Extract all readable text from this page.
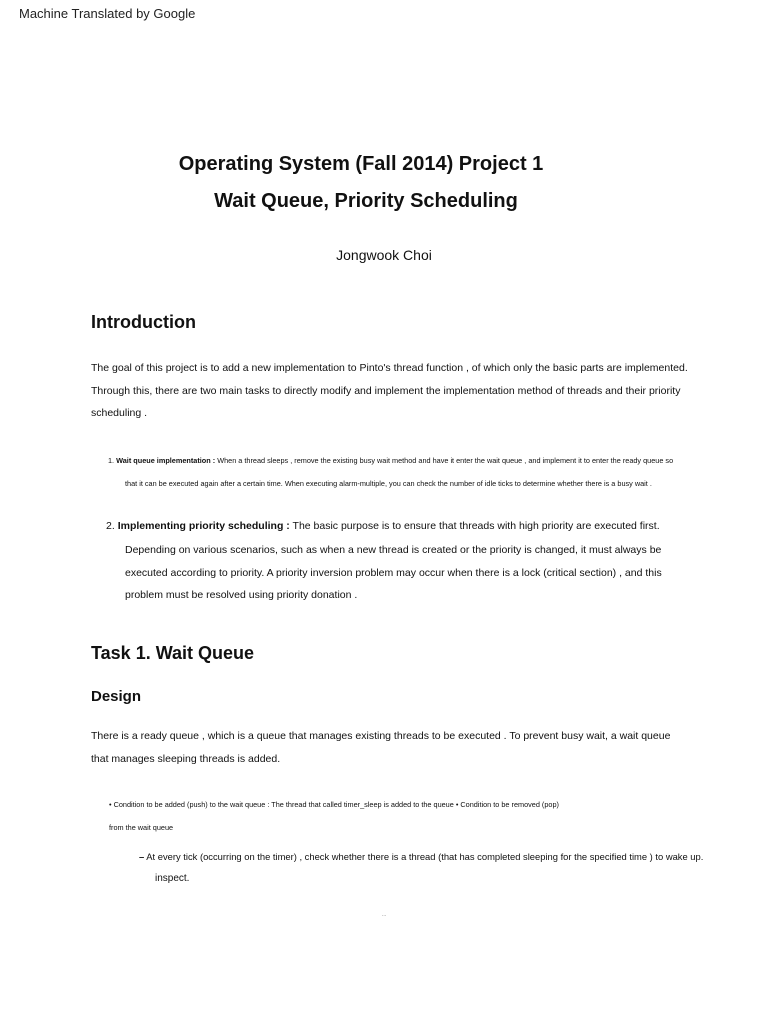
Machine Translated by Google
Operating System (Fall 2014) Project 1
Wait Queue, Priority Scheduling
Jongwook Choi
Introduction
The goal of this project is to add a new implementation to Pinto's thread function , of which only the basic parts are implemented.
Through this, there are two main tasks to directly modify and implement the implementation method of threads and their priority
scheduling .
1. Wait queue implementation : When a thread sleeps , remove the existing busy wait method and have it enter the wait queue , and implement it to enter the ready queue so
that it can be executed again after a certain time. When executing alarm-multiple, you can check the number of idle ticks to determine whether there is a busy wait .
2. Implementing priority scheduling : The basic purpose is to ensure that threads with high priority are executed first.
Depending on various scenarios, such as when a new thread is created or the priority is changed, it must always be
executed according to priority. A priority inversion problem may occur when there is a lock (critical section) , and this
problem must be resolved using priority donation .
Task 1. Wait Queue
Design
There is a ready queue , which is a queue that manages existing threads to be executed . To prevent busy wait, a wait queue
that manages sleeping threads is added.
• Condition to be added (push) to the wait queue : The thread that called timer_sleep is added to the queue • Condition to be removed (pop)
from the wait queue
– At every tick (occurring on the timer) , check whether there is a thread (that has completed sleeping for the specified time ) to wake up.
inspect.
...
